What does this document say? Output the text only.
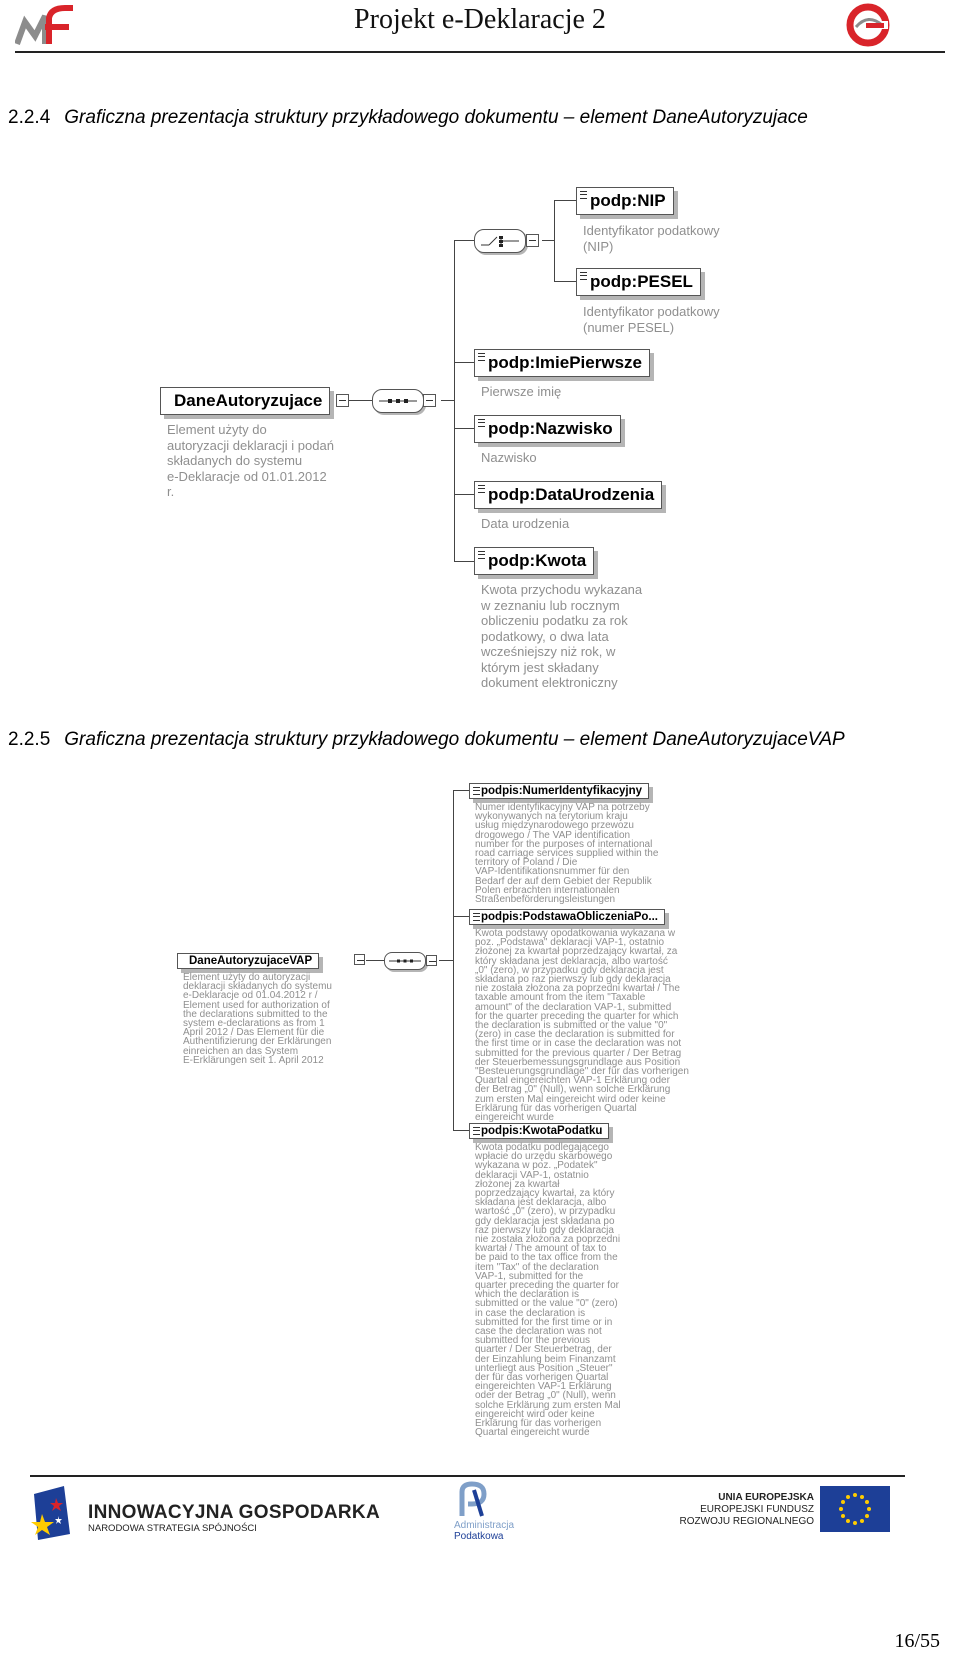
Projekt e-Deklaracje 2
2.2.4 Graficzna prezentacja struktury przykładowego dokumentu – element DaneAutoryzujace
DaneAutoryzujace
Element użyty do
autoryzacji deklaracji i podań
składanych do systemu
e-Deklaracje od 01.01.2012
r.
podp:NIP
Identyfikator podatkowy
(NIP)
podp:PESEL
Identyfikator podatkowy
(numer PESEL)
podp:ImiePierwsze
Pierwsze imię
podp:Nazwisko
Nazwisko
podp:DataUrodzenia
Data urodzenia
podp:Kwota
Kwota przychodu wykazana
w zeznaniu lub rocznym
obliczeniu podatku za rok
podatkowy, o dwa lata
wcześniejszy niż rok, w
którym jest składany
dokument elektroniczny
2.2.5 Graficzna prezentacja struktury przykładowego dokumentu – element DaneAutoryzujaceVAP
DaneAutoryzujaceVAP
Element użyty do autoryzacji
deklaracji składanych do systemu
e-Deklaracje od 01.04.2012 r /
Element used for authorization of
the declarations submitted to the
system e-declarations as from 1
April 2012 / Das Element für die
Authentifizierung der Erklärungen
einreichen an das System
E-Erklärungen seit 1. April 2012
podpis:NumerIdentyfikacyjny
Numer identyfikacyjny VAP na potrzeby
wykonywanych na terytorium kraju
usług międzynarodowego przewozu
drogowego / The VAP identification
number for the purposes of international
road carriage services supplied within the
territory of Poland / Die
VAP-Identifikationsnummer für den
Bedarf der auf dem Gebiet der Republik
Polen erbrachten internationalen
Straßenbeförderungsleistungen
podpis:PodstawaObliczeniaPo...
Kwota podstawy opodatkowania wykazana w
poz. „Podstawa" deklaracji VAP-1, ostatnio
złożonej za kwartał poprzedzający kwartał, za
który składana jest deklaracja, albo wartość
„0" (zero), w przypadku gdy deklaracja jest
składana po raz pierwszy lub gdy deklaracja
nie została złożona za poprzedni kwartał / The
taxable amount from the item "Taxable
amount" of the declaration VAP-1, submitted
for the quarter preceding the quarter for which
the declaration is submitted or the value "0"
(zero) in case the declaration is submitted for
the first time or in case the declaration was not
submitted for the previous quarter / Der Betrag
der Steuerbemessungsgrundlage aus Position
"Besteuerungsgrundlage" der für das vorherigen
Quartal eingereichten VAP-1 Erklärung oder
der Betrag „0" (Null), wenn solche Erklärung
zum ersten Mal eingereicht wird oder keine
Erklärung für das vorherigen Quartal
eingereicht wurde
podpis:KwotaPodatku
Kwota podatku podlegającego
wpłacie do urzędu skarbowego
wykazana w poz. „Podatek"
deklaracji VAP-1, ostatnio
złożonej za kwartał
poprzedzający kwartał, za który
składana jest deklaracja, albo
wartość „0" (zero), w przypadku
gdy deklaracja jest składana po
raz pierwszy lub gdy deklaracja
nie została złożona za poprzedni
kwartał / The amount of tax to
be paid to the tax office from the
item "Tax" of the declaration
VAP-1, submitted for the
quarter preceding the quarter for
which the declaration is
submitted or the value "0" (zero)
in case the declaration is
submitted for the first time or in
case the declaration was not
submitted for the previous
quarter / Der Steuerbetrag, der
der Einzahlung beim Finanzamt
unterliegt aus Position „Steuer"
der für das vorherigen Quartal
eingereichten VAP-1 Erklärung
oder der Betrag „0" (Null), wenn
solche Erklärung zum ersten Mal
eingereicht wird oder keine
Erklärung für das vorherigen
Quartal eingereicht wurde
INNOWACYJNA GOSPODARKA
NARODOWA STRATEGIA SPÓJNOŚCI	Administracja
Podatkowa
UNIA EUROPEJSKA
EUROPEJSKI FUNDUSZ
ROZWOJU REGIONALNEGO
16/55
